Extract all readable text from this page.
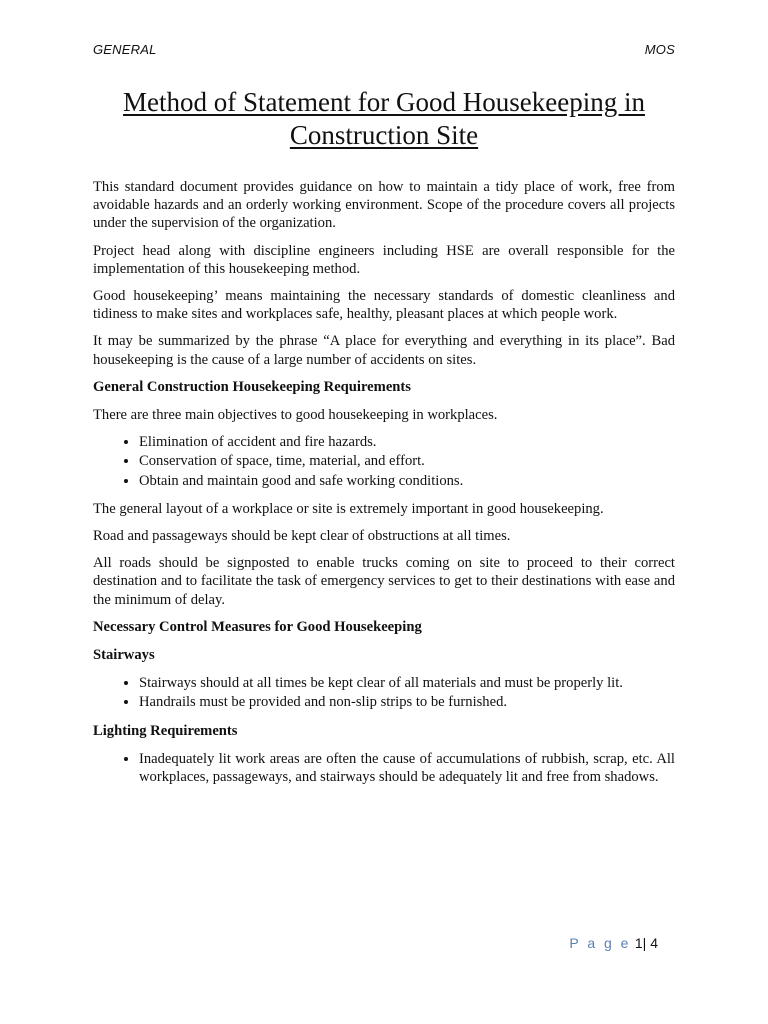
GENERAL	MOS
Method of Statement for Good Housekeeping in Construction Site

This standard document provides guidance on how to maintain a tidy place of work, free from avoidable hazards and an orderly working environment. Scope of the procedure covers all projects under the supervision of the organization.

Project head along with discipline engineers including HSE are overall responsible for the implementation of this housekeeping method.

Good housekeeping’ means maintaining the necessary standards of domestic cleanliness and tidiness to make sites and workplaces safe, healthy, pleasant places at which people work.

It may be summarized by the phrase “A place for everything and everything in its place”. Bad housekeeping is the cause of a large number of accidents on sites.

General Construction Housekeeping Requirements

There are three main objectives to good housekeeping in workplaces.

• Elimination of accident and fire hazards.
• Conservation of space, time, material, and effort.
• Obtain and maintain good and safe working conditions.

The general layout of a workplace or site is extremely important in good housekeeping.

Road and passageways should be kept clear of obstructions at all times.

All roads should be signposted to enable trucks coming on site to proceed to their correct destination and to facilitate the task of emergency services to get to their destinations with ease and the minimum of delay.

Necessary Control Measures for Good Housekeeping
Stairways
• Stairways should at all times be kept clear of all materials and must be properly lit.
• Handrails must be provided and non-slip strips to be furnished.
Lighting Requirements
• Inadequately lit work areas are often the cause of accumulations of rubbish, scrap, etc. All workplaces, passageways, and stairways should be adequately lit and free from shadows.
P a g e 1| 4
